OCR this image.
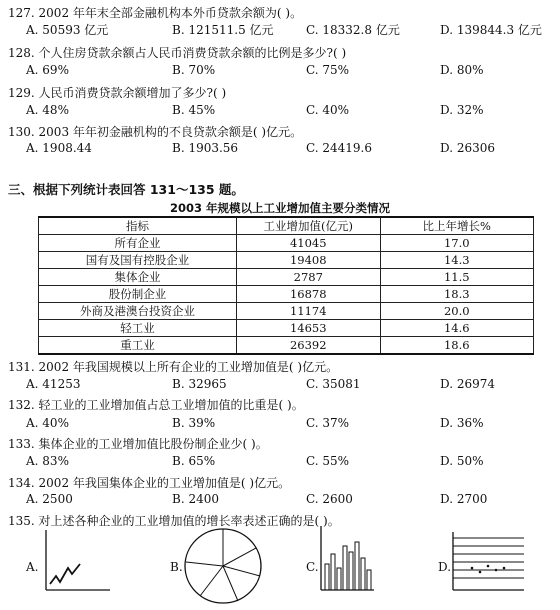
127. 2002 年年末全部金融机构本外币贷款余额为( )。
A. 50593 亿元	B. 121511.5 亿元	C. 18332.8 亿元	D. 139844.3 亿元
128. 个人住房贷款余额占人民币消费贷款余额的比例是多少?( )
A. 69%	B. 70%	C. 75%	D. 80%
129. 人民币消费贷款余额增加了多少?( )
A. 48%	B. 45%	C. 40%	D. 32%
130. 2003 年年初金融机构的不良贷款余额是( )亿元。
A. 1908.44	B. 1903.56	C. 24419.6	D. 26306
三、根据下列统计表回答 131～135 题。
2003 年规模以上工业增加值主要分类情况
指标	工业增加值(亿元)	比上年增长%
所有企业	41045	17.0
国有及国有控股企业	19408	14.3
集体企业	2787	11.5
股份制企业	16878	18.3
外商及港澳台投资企业	11174	20.0
轻工业	14653	14.6
重工业	26392	18.6
131. 2002 年我国规模以上所有企业的工业增加值是( )亿元。
A. 41253	B. 32965	C. 35081	D. 26974
132. 轻工业的工业增加值占总工业增加值的比重是( )。
A. 40%	B. 39%	C. 37%	D. 36%
133. 集体企业的工业增加值比股份制企业少( )。
A. 83%	B. 65%	C. 55%	D. 50%
134. 2002 年我国集体企业的工业增加值是( )亿元。
A. 2500	B. 2400	C. 2600	D. 2700
135. 对上述各种企业的工业增加值的增长率表述正确的是( )。
A.	B.	C.	D.
